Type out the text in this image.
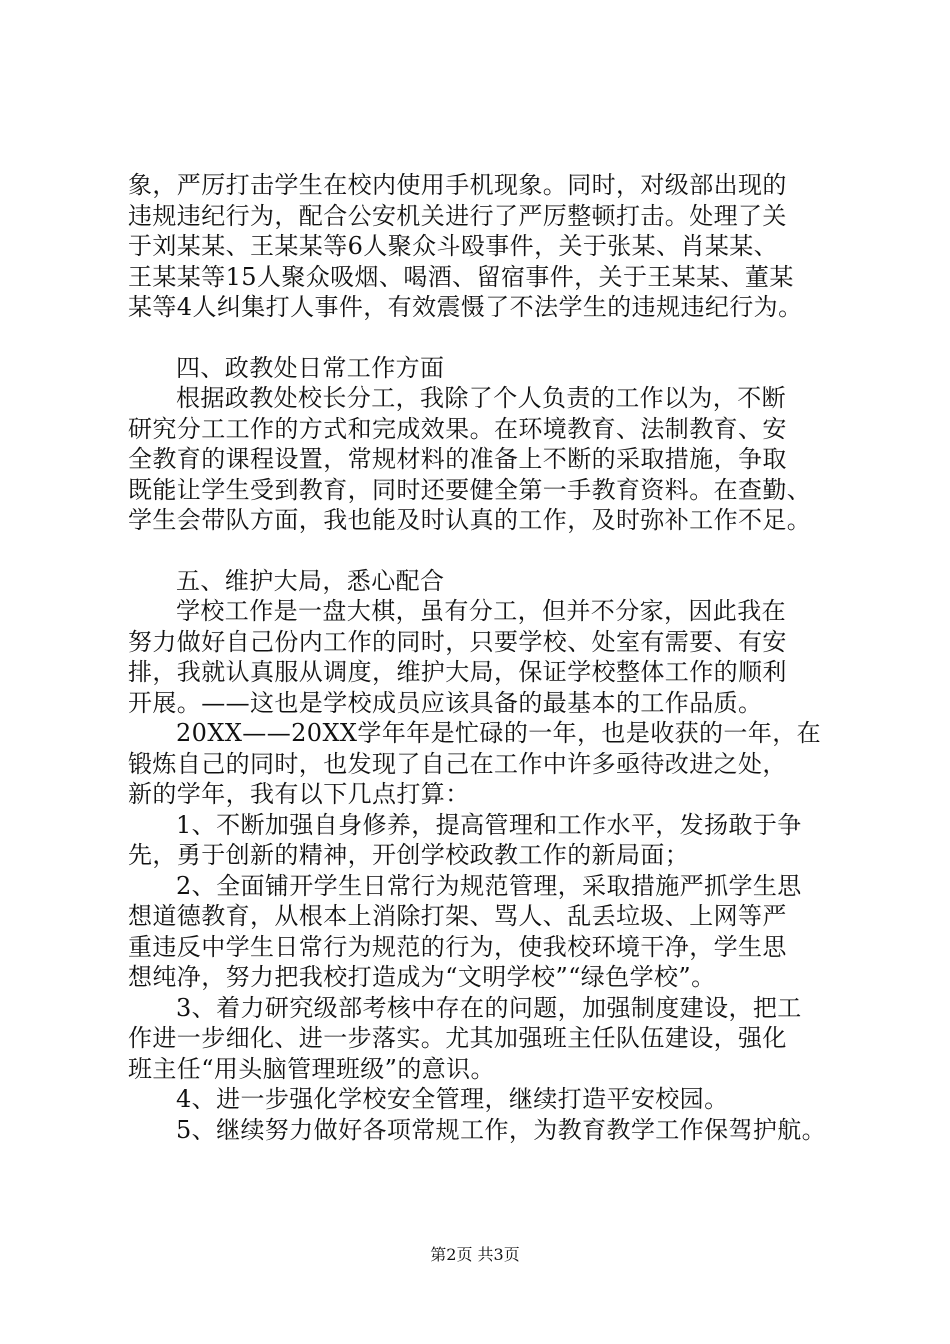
象，严厉打击学生在校内使用手机现象。同时，对级部出现的
违规违纪行为，配合公安机关进行了严厉整顿打击。处理了关
于刘某某、王某某等6人聚众斗殴事件，关于张某、肖某某、
王某某等15人聚众吸烟、喝酒、留宿事件，关于王某某、董某
某等4人纠集打人事件，有效震慑了不法学生的违规违纪行为。
四、政教处日常工作方面
根据政教处校长分工，我除了个人负责的工作以为，不断
研究分工工作的方式和完成效果。在环境教育、法制教育、安
全教育的课程设置，常规材料的准备上不断的采取措施，争取
既能让学生受到教育，同时还要健全第一手教育资料。在查勤、
学生会带队方面，我也能及时认真的工作，及时弥补工作不足。
五、维护大局，悉心配合
学校工作是一盘大棋，虽有分工，但并不分家，因此我在
努力做好自己份内工作的同时，只要学校、处室有需要、有安
排，我就认真服从调度，维护大局，保证学校整体工作的顺利
开展。——这也是学校成员应该具备的最基本的工作品质。
20XX——20XX学年年是忙碌的一年，也是收获的一年，在
锻炼自己的同时，也发现了自己在工作中许多亟待改进之处，
新的学年，我有以下几点打算：
1、不断加强自身修养，提高管理和工作水平，发扬敢于争
先，勇于创新的精神，开创学校政教工作的新局面；
2、全面铺开学生日常行为规范管理，采取措施严抓学生思
想道德教育，从根本上消除打架、骂人、乱丢垃圾、上网等严
重违反中学生日常行为规范的行为，使我校环境干净，学生思
想纯净，努力把我校打造成为“文明学校”“绿色学校”。
3、着力研究级部考核中存在的问题，加强制度建设，把工
作进一步细化、进一步落实。尤其加强班主任队伍建设，强化
班主任“用头脑管理班级”的意识。
4、进一步强化学校安全管理，继续打造平安校园。
5、继续努力做好各项常规工作，为教育教学工作保驾护航。
第2页 共3页
